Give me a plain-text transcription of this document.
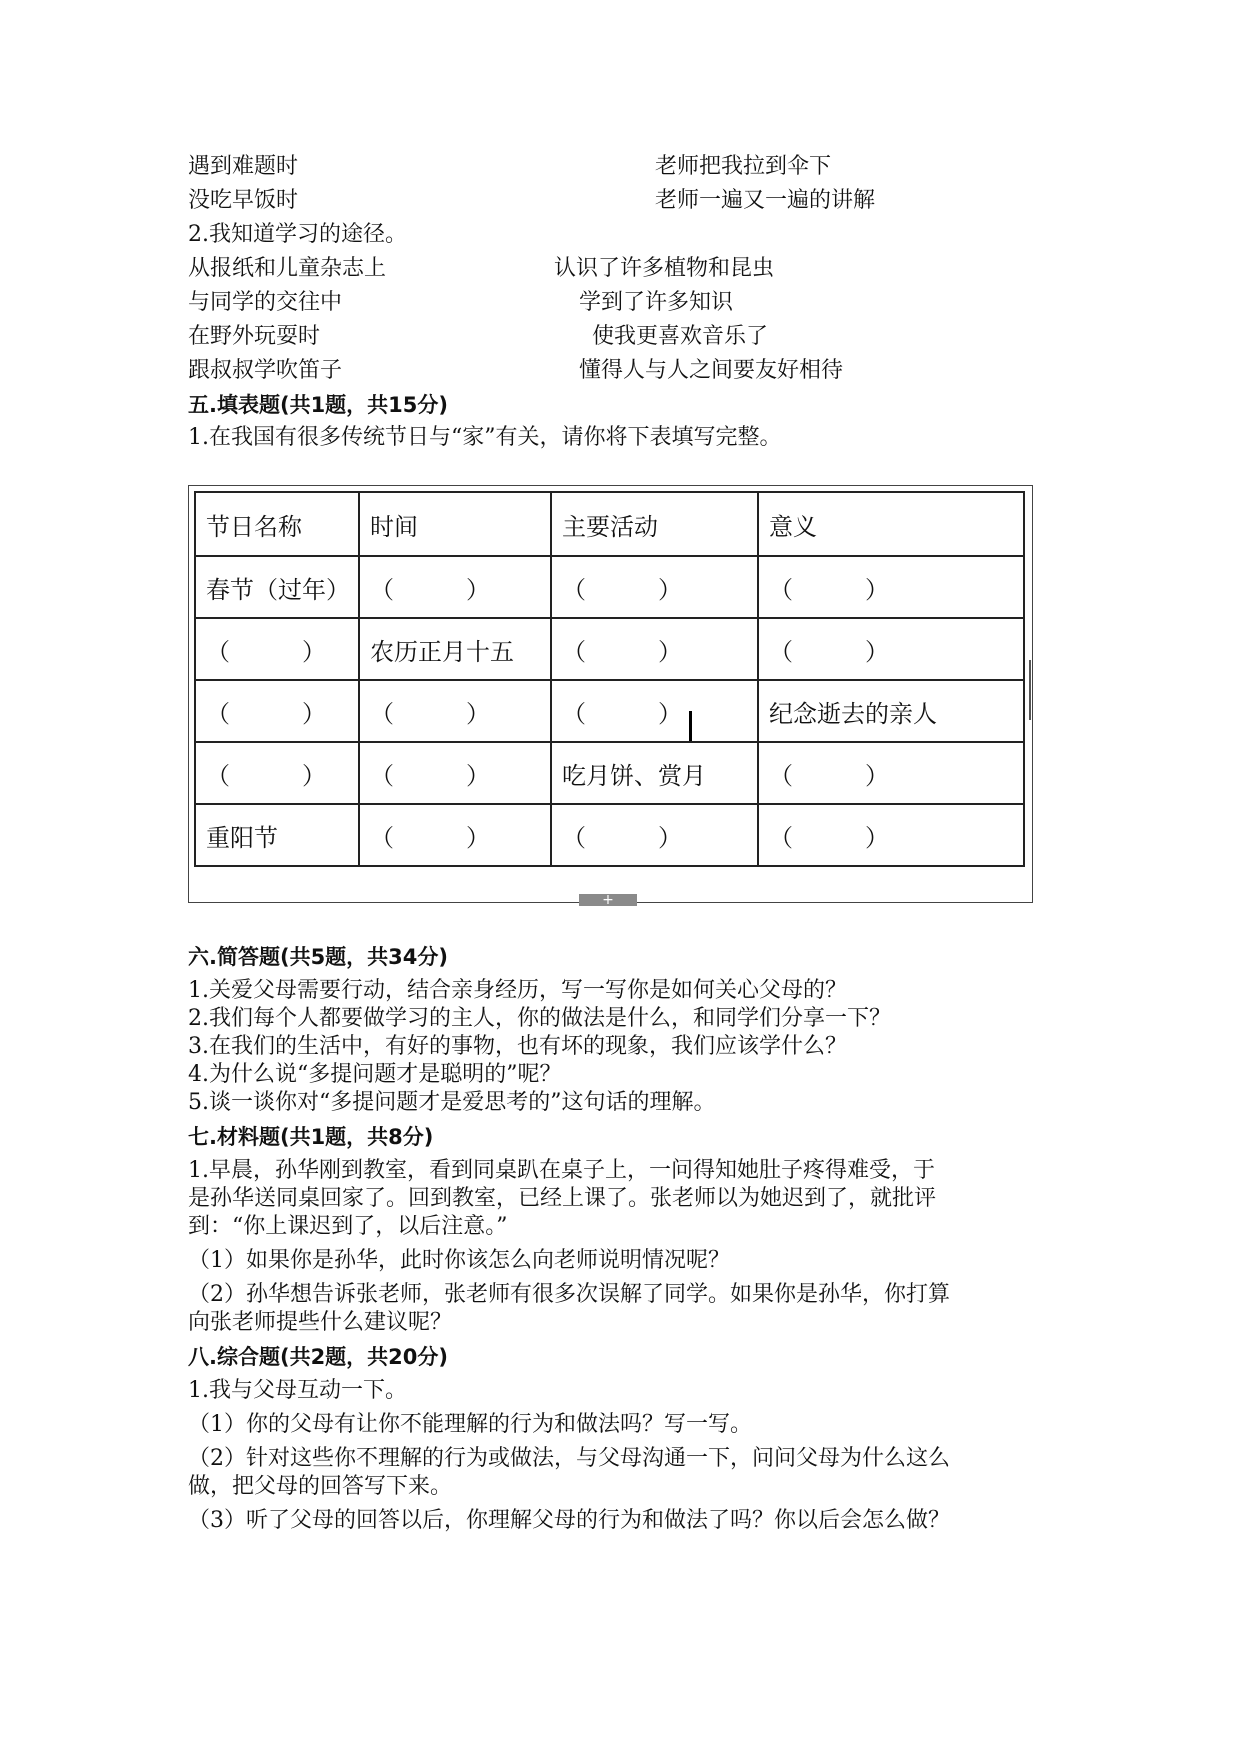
遇到难题时	老师把我拉到伞下
没吃早饭时	老师一遍又一遍的讲解
2.我知道学习的途径。
从报纸和儿童杂志上	认识了许多植物和昆虫
与同学的交往中	学到了许多知识
在野外玩耍时	使我更喜欢音乐了
跟叔叔学吹笛子	懂得人与人之间要友好相待
五.填表题(共1题，共15分)
1.在我国有很多传统节日与“家”有关，请你将下表填写完整。
节日名称	时间	主要活动	意义
春节（过年）	（　　　）	（　　　）	（　　　）
（　　　）	农历正月十五	（　　　）	（　　　）
（　　　）	（　　　）	（　　　）	纪念逝去的亲人
（　　　）	（　　　）	吃月饼、赏月	（　　　）
重阳节	（　　　）	（　　　）	（　　　）
+
六.简答题(共5题，共34分)
1.关爱父母需要行动，结合亲身经历，写一写你是如何关心父母的？
2.我们每个人都要做学习的主人，你的做法是什么，和同学们分享一下？
3.在我们的生活中，有好的事物，也有坏的现象，我们应该学什么？
4.为什么说“多提问题才是聪明的”呢？
5.谈一谈你对“多提问题才是爱思考的”这句话的理解。
七.材料题(共1题，共8分)
1.早晨，孙华刚到教室，看到同桌趴在桌子上，一问得知她肚子疼得难受，于
是孙华送同桌回家了。回到教室，已经上课了。张老师以为她迟到了，就批评
到：“你上课迟到了，以后注意。”
（1）如果你是孙华，此时你该怎么向老师说明情况呢？
（2）孙华想告诉张老师，张老师有很多次误解了同学。如果你是孙华，你打算
向张老师提些什么建议呢？
八.综合题(共2题，共20分)
1.我与父母互动一下。
（1）你的父母有让你不能理解的行为和做法吗？写一写。
（2）针对这些你不理解的行为或做法，与父母沟通一下，问问父母为什么这么
做，把父母的回答写下来。
（3）听了父母的回答以后，你理解父母的行为和做法了吗？你以后会怎么做？
